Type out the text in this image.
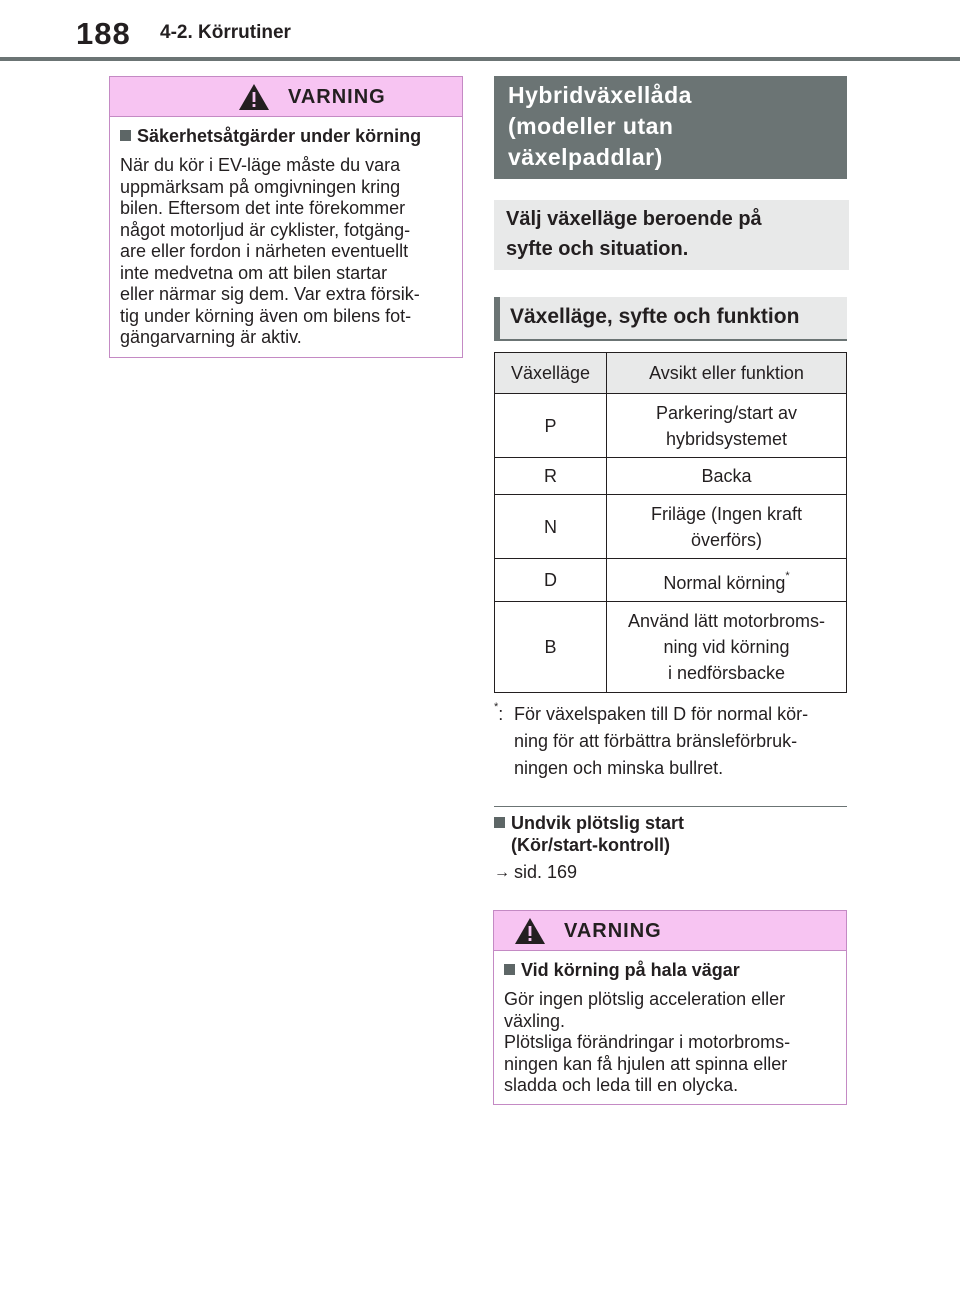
188 4-2. Körrutiner
VARNING
Säkerhetsåtgärder under körning
När du kör i EV-läge måste du vara
uppmärksam på omgivningen kring
bilen. Eftersom det inte förekommer
något motorljud är cyklister, fotgäng-
are eller fordon i närheten eventuellt
inte medvetna om att bilen startar
eller närmar sig dem. Var extra försik-
tig under körning även om bilens fot-
gängarvarning är aktiv.
Hybridväxellåda
(modeller utan
växelpaddlar)
Välj växelläge beroende på
syfte och situation.
Växelläge, syfte och funktion
Växelläge	Avsikt eller funktion
P	Parkering/start av
hybridsystemet

R	Backa

N	Friläge (Ingen kraft
överförs)

D	Normal körning*
B	Använd lätt motorbroms-
ning vid körning
i nedförsbacke
*: För växelspaken till D för normal kör-
ning för att förbättra bränsleförbruk-
ningen och minska bullret.
Undvik plötslig start
(Kör/start-kontroll)
→ sid. 169
VARNING
Vid körning på hala vägar
Gör ingen plötslig acceleration eller
växling.
Plötsliga förändringar i motorbroms-
ningen kan få hjulen att spinna eller
sladda och leda till en olycka.
